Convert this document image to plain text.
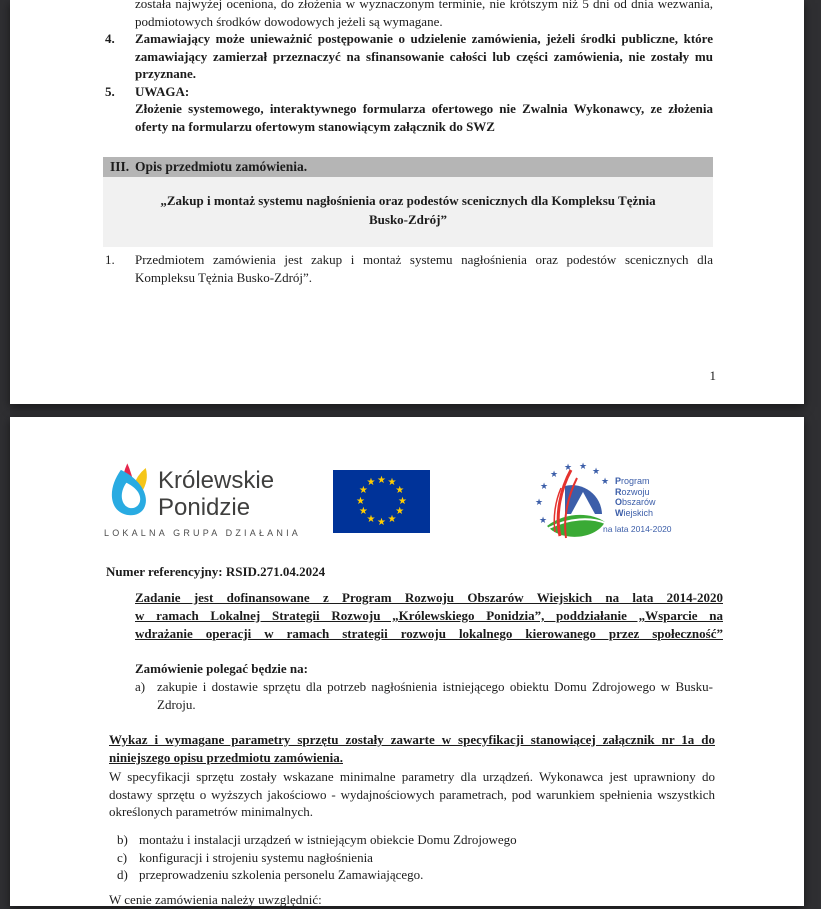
została najwyżej oceniona, do złożenia w wyznaczonym terminie, nie krótszym niż 5 dni od dnia wezwania, podmiotowych środków dowodowych jeżeli są wymagane.
4.	Zamawiający może unieważnić postępowanie o udzielenie zamówienia, jeżeli środki publiczne, które zamawiający zamierzał przeznaczyć na sfinansowanie całości lub części zamówienia, nie zostały mu przyznane.
5.	UWAGA:
Złożenie systemowego, interaktywnego formularza ofertowego nie Zwalnia Wykonawcy, ze złożenia oferty na formularzu ofertowym stanowiącym załącznik do SWZ
III. Opis przedmiotu zamówienia.
„Zakup i montaż systemu nagłośnienia oraz podestów scenicznych dla Kompleksu Tężnia Busko-Zdrój”
1.	Przedmiotem zamówienia jest zakup i montaż systemu nagłośnienia oraz podestów scenicznych dla Kompleksu Tężnia Busko-Zdrój”.
1
Królewskie
Ponidzie
LOKALNA GRUPA DZIAŁANIA
★ ★
★
★
★
★
★
★
★
★
★
★
★
★
★
★
★ ★ ★
★ Program
Rozwoju
Obszarów
Wiejskich
na lata 2014-2020
Numer referencyjny: RSID.271.04.2024
Zadanie jest dofinansowane z Program Rozwoju Obszarów Wiejskich na lata 2014-2020
w ramach Lokalnej Strategii Rozwoju „Królewskiego Ponidzia”, poddziałanie „Wsparcie na
wdrażanie operacji w ramach strategii rozwoju lokalnego kierowanego przez społeczność”
Zamówienie polegać będzie na:
a) zakupie i dostawie sprzętu dla potrzeb nagłośnienia istniejącego obiektu Domu Zdrojowego w Busku-Zdroju.
Wykaz i wymagane parametry sprzętu zostały zawarte w specyfikacji stanowiącej załącznik nr 1a do niniejszego opisu przedmiotu zamówienia.
W specyfikacji sprzętu zostały wskazane minimalne parametry dla urządzeń. Wykonawca jest uprawniony do dostawy sprzętu o wyższych jakościowo - wydajnościowych parametrach, pod warunkiem spełnienia wszystkich określonych parametrów minimalnych.
b) montażu i instalacji urządzeń w istniejącym obiekcie Domu Zdrojowego
c) konfiguracji i strojeniu systemu nagłośnienia
d) przeprowadzeniu szkolenia personelu Zamawiającego.
W cenie zamówienia należy uwzględnić:
